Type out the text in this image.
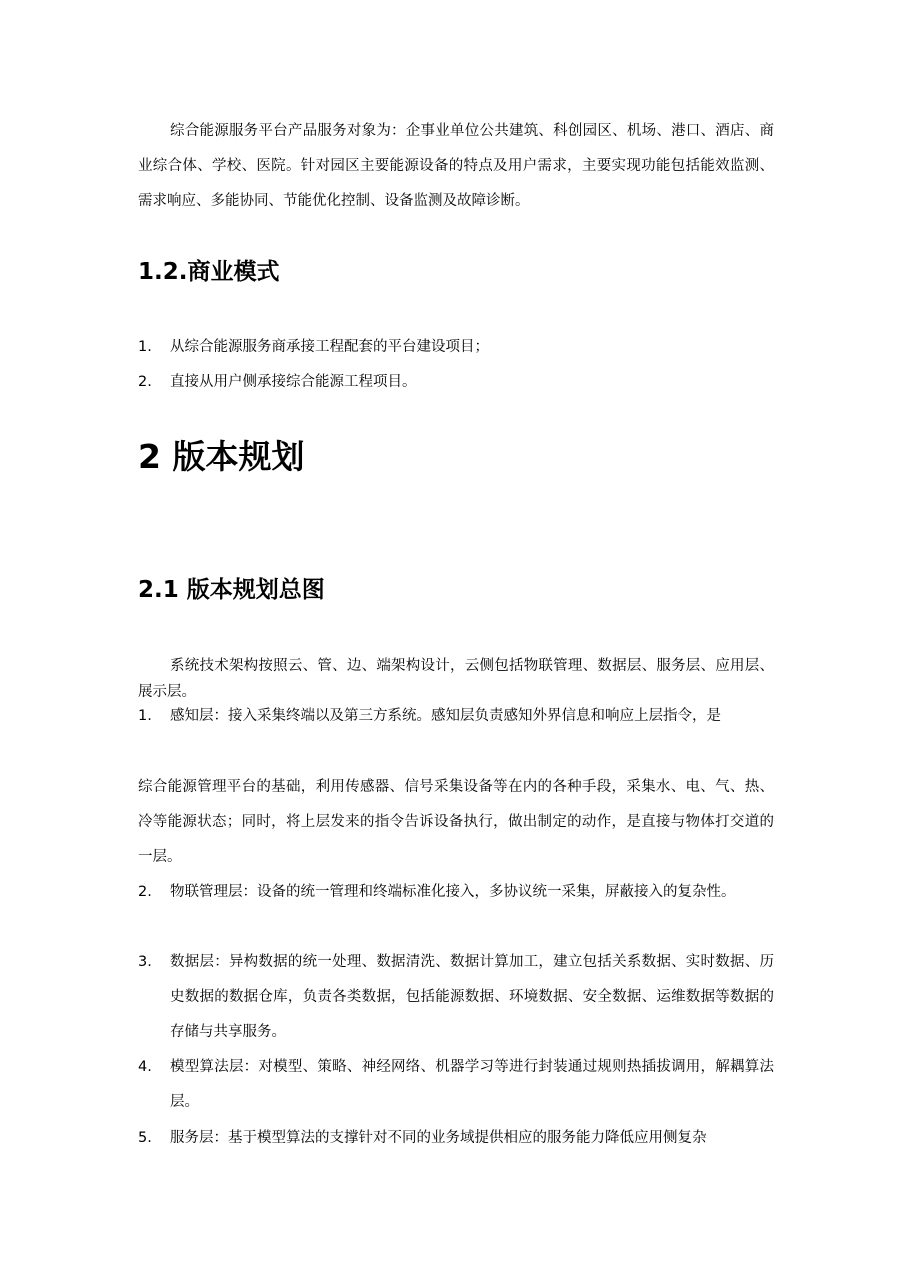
综合能源服务平台产品服务对象为：企事业单位公共建筑、科创园区、机场、港口、酒店、商业综合体、学校、医院。针对园区主要能源设备的特点及用户需求，主要实现功能包括能效监测、需求响应、多能协同、节能优化控制、设备监测及故障诊断。

1.2.商业模式
1. 从综合能源服务商承接工程配套的平台建设项目；
2. 直接从用户侧承接综合能源工程项目。
2 版本规划
2.1 版本规划总图

系统技术架构按照云、管、边、端架构设计，云侧包括物联管理、数据层、服务层、应用层、展示层。

1. 感知层：接入采集终端以及第三方系统。感知层负责感知外界信息和响应上层指令，是

综合能源管理平台的基础，利用传感器、信号采集设备等在内的各种手段，采集水、电、气、热、冷等能源状态；同时，将上层发来的指令告诉设备执行，做出制定的动作，是直接与物体打交道的一层。

2. 物联管理层：设备的统一管理和终端标准化接入，多协议统一采集，屏蔽接入的复杂性。
3. 数据层：异构数据的统一处理、数据清洗、数据计算加工，建立包括关系数据、实时数据、历史数据的数据仓库，负责各类数据，包括能源数据、环境数据、安全数据、运维数据等数据的存储与共享服务。
4. 模型算法层：对模型、策略、神经网络、机器学习等进行封装通过规则热插拔调用，解耦算法层。
5. 服务层：基于模型算法的支撑针对不同的业务域提供相应的服务能力降低应用侧复杂
